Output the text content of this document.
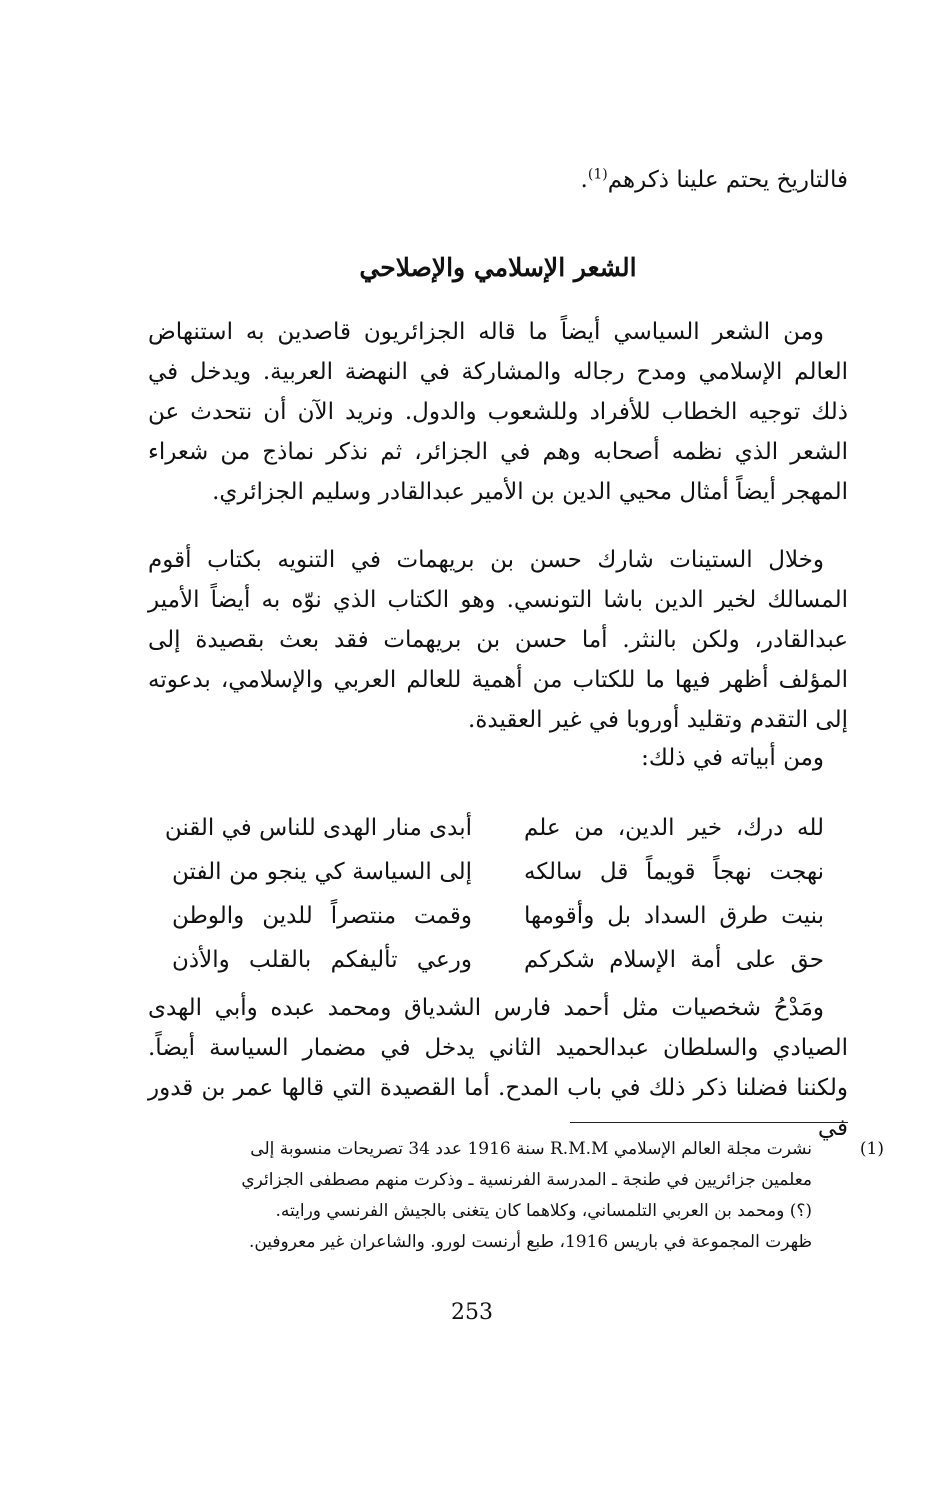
فالتاريخ يحتم علينا ذكرهم$^{(1)}$.
الشعر الإسلامي والإصلاحي
ومن الشعر السياسي أيضاً ما قاله الجزائريون قاصدين به استنهاض العالم الإسلامي ومدح رجاله والمشاركة في النهضة العربية. ويدخل في ذلك توجيه الخطاب للأفراد وللشعوب والدول. ونريد الآن أن نتحدث عن الشعر الذي نظمه أصحابه وهم في الجزائر، ثم نذكر نماذج من شعراء المهجر أيضاً أمثال محيي الدين بن الأمير عبدالقادر وسليم الجزائري.
وخلال الستينات شارك حسن بن بريهمات في التنويه بكتاب أقوم المسالك لخير الدين باشا التونسي. وهو الكتاب الذي نوّه به أيضاً الأمير عبدالقادر، ولكن بالنثر. أما حسن بن بريهمات فقد بعث بقصيدة إلى المؤلف أظهر فيها ما للكتاب من أهمية للعالم العربي والإسلامي، بدعوته إلى التقدم وتقليد أوروبا في غير العقيدة.
ومن أبياته في ذلك:
لله درك، خير الدين، من علم
أبدى منار الهدى للناس في القنن
نهجت نهجاً قويماً قل سالكه
إلى السياسة كي ينجو من الفتن
بنيت طرق السداد بل وأقومها
وقمت منتصراً للدين والوطن
حق على أمة الإسلام شكركم
ورعي تأليفكم بالقلب والأذن
ومَدْحُ شخصيات مثل أحمد فارس الشدياق ومحمد عبده وأبي الهدى الصيادي والسلطان عبدالحميد الثاني يدخل في مضمار السياسة أيضاً. ولكننا فضلنا ذكر ذلك في باب المدح. أما القصيدة التي قالها عمر بن قدور في
(1)نشرت مجلة العالم الإسلامي R.M.M سنة 1916 عدد 34 تصريحات منسوبة إلى
معلمين جزائريين في طنجة ـ المدرسة الفرنسية ـ وذكرت منهم مصطفى الجزائري
(؟) ومحمد بن العربي التلمساني، وكلاهما كان يتغنى بالجيش الفرنسي ورايته.
ظهرت المجموعة في باريس 1916، طبع أرنست لورو. والشاعران غير معروفين.
253
